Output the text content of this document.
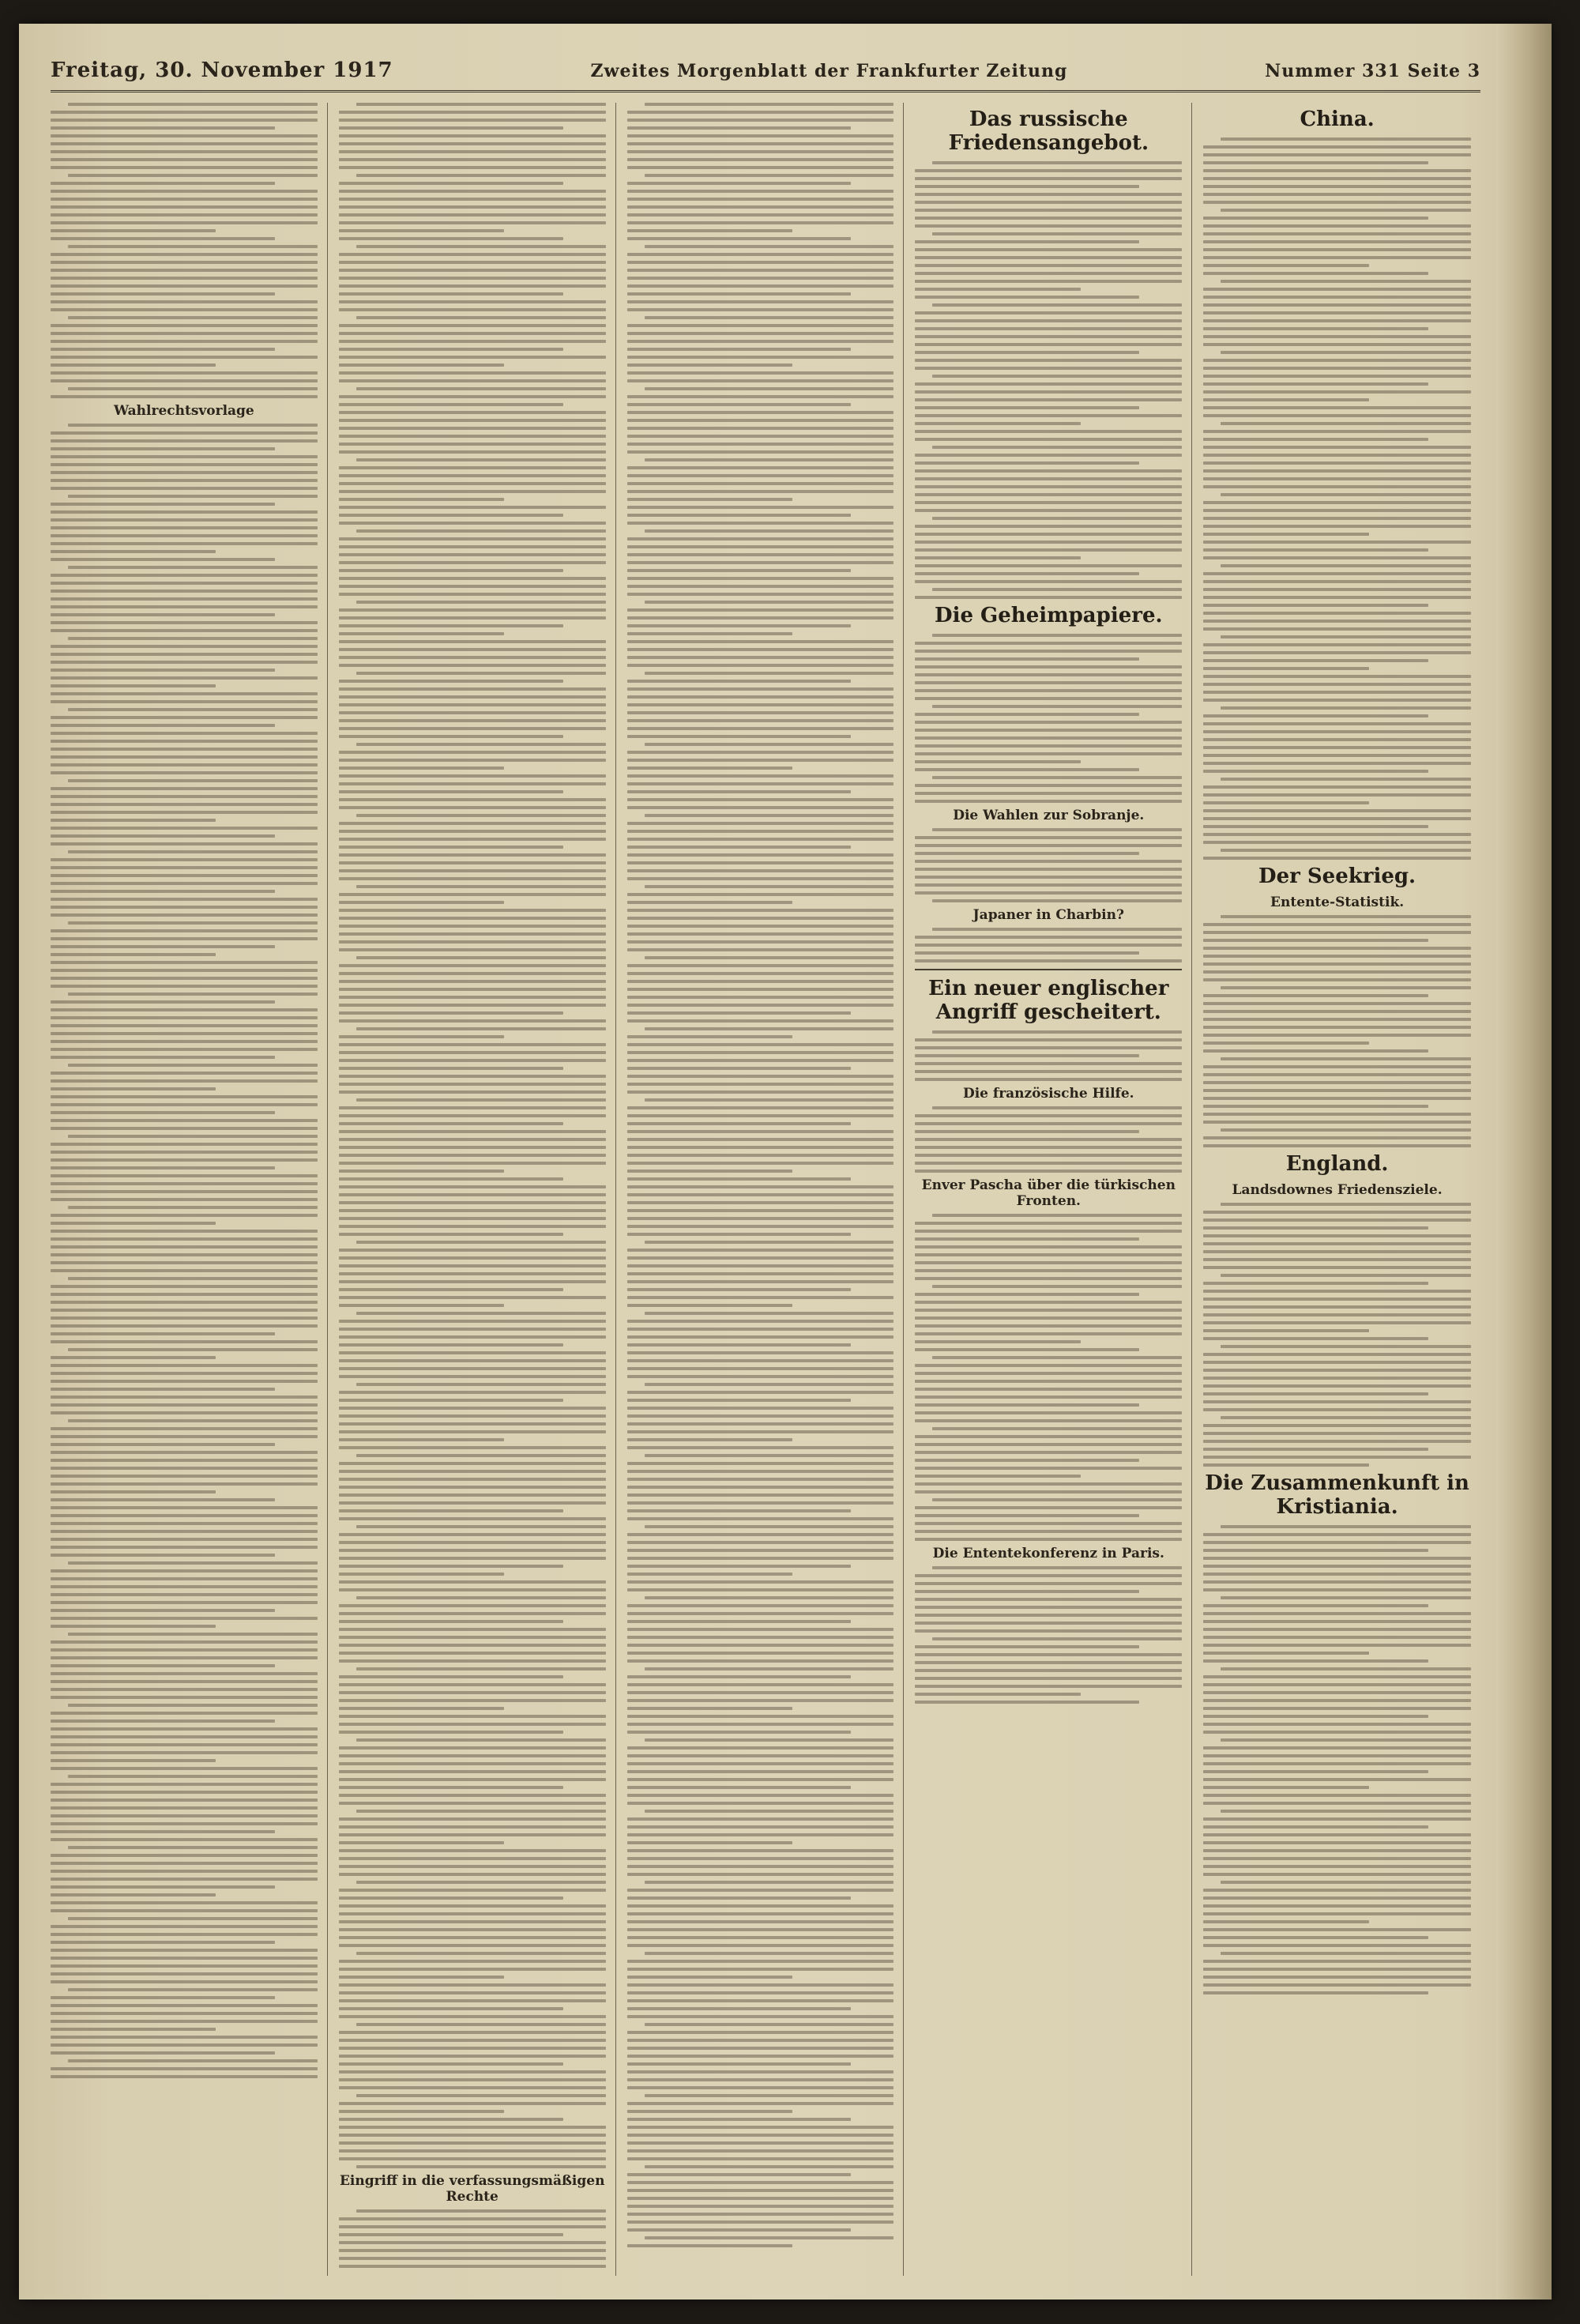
Freitag, 30. November 1917	Zweites Morgenblatt der Frankfurter Zeitung	Nummer 331 Seite 3
Wahlrechtsvorlage
Eingriff in die verfassungsmäßigen Rechte
Das russische Friedensangebot.
Die Geheimpapiere.
Die Wahlen zur Sobranje.
Japaner in Charbin?
Ein neuer englischer Angriff gescheitert.
Die französische Hilfe.
Enver Pascha über die türkischen Fronten.
Die Ententekonferenz in Paris.
China.
Der Seekrieg.
Entente-Statistik.
England.
Landsdownes Friedensziele.
Die Zusammenkunft in Kristiania.
